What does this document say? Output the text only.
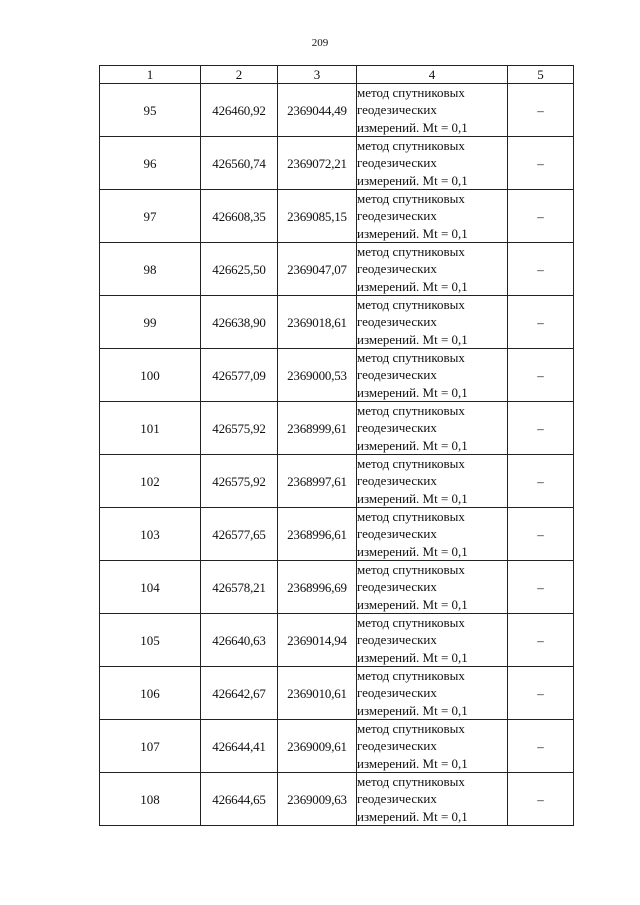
209
1	2	3	4	5
95	426460,92	2369044,49	метод спутниковых
геодезических
измерений. Mt = 0,1	–
96	426560,74	2369072,21	метод спутниковых
геодезических
измерений. Mt = 0,1	–
97	426608,35	2369085,15	метод спутниковых
геодезических
измерений. Mt = 0,1	–
98	426625,50	2369047,07	метод спутниковых
геодезических
измерений. Mt = 0,1	–
99	426638,90	2369018,61	метод спутниковых
геодезических
измерений. Mt = 0,1	–
100	426577,09	2369000,53	метод спутниковых
геодезических
измерений. Mt = 0,1	–
101	426575,92	2368999,61	метод спутниковых
геодезических
измерений. Mt = 0,1	–
102	426575,92	2368997,61	метод спутниковых
геодезических
измерений. Mt = 0,1	–
103	426577,65	2368996,61	метод спутниковых
геодезических
измерений. Mt = 0,1	–
104	426578,21	2368996,69	метод спутниковых
геодезических
измерений. Mt = 0,1	–
105	426640,63	2369014,94	метод спутниковых
геодезических
измерений. Mt = 0,1	–
106	426642,67	2369010,61	метод спутниковых
геодезических
измерений. Mt = 0,1	–
107	426644,41	2369009,61	метод спутниковых
геодезических
измерений. Mt = 0,1	–
108	426644,65	2369009,63	метод спутниковых
геодезических
измерений. Mt = 0,1	–
